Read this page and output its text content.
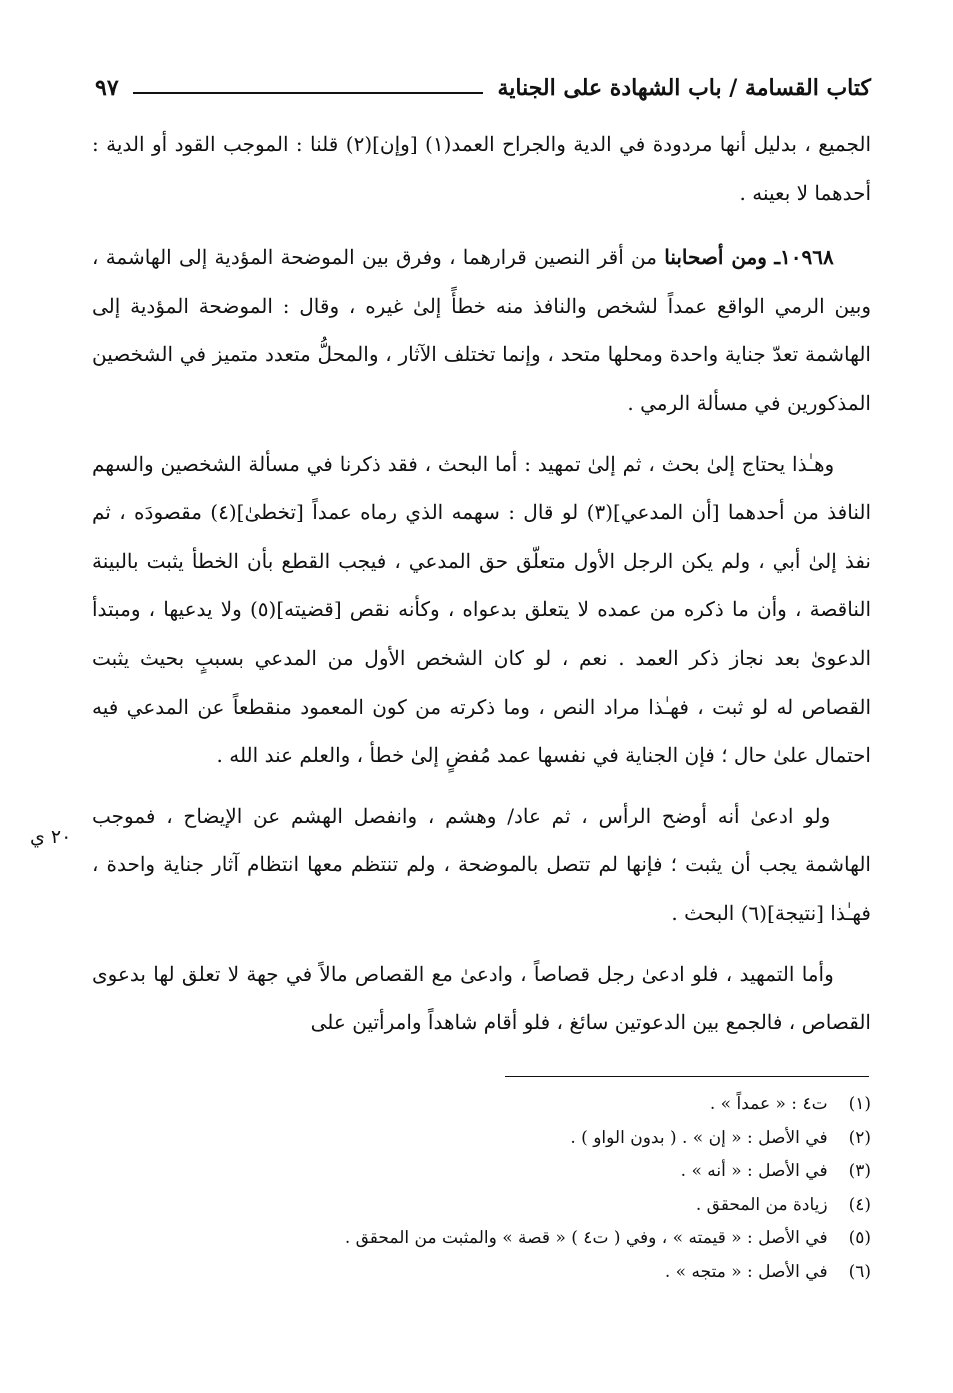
٩٧	كتاب القسامة / باب الشهادة على الجناية
٢٠ ي

الجميع ، بدليل أنها مردودة في الدية والجراح العمد(١) [وإن](٢) قلنا : الموجب القود أو الدية : أحدهما لا بعينه .

١٠٩٦٨ـ ومن أصحابنا من أقر النصين قرارهما ، وفرق بين الموضحة المؤدية إلى الهاشمة ، وبين الرمي الواقع عمداً لشخص والنافذ منه خطأً إلىٰ غيره ، وقال : الموضحة المؤدية إلى الهاشمة تعدّ جناية واحدة ومحلها متحد ، وإنما تختلف الآثار ، والمحلُّ متعدد متميز في الشخصين المذكورين في مسألة الرمي .

وهـٰذا يحتاج إلىٰ بحث ، ثم إلىٰ تمهيد : أما البحث ، فقد ذكرنا في مسألة الشخصين والسهم النافذ من أحدهما [أن المدعي](٣) لو قال : سهمه الذي رماه عمداً [تخطىٰ](٤) مقصودَه ، ثم نفذ إلىٰ أبي ، ولم يكن الرجل الأول متعلّق حق المدعي ، فيجب القطع بأن الخطأ يثبت بالبينة الناقصة ، وأن ما ذكره من عمده لا يتعلق بدعواه ، وكأنه نقص [قضيته](٥) ولا يدعيها ، ومبتدأ الدعوىٰ بعد نجاز ذكر العمد . نعم ، لو كان الشخص الأول من المدعي بسببٍ بحيث يثبت القصاص له لو ثبت ، فهـٰذا مراد النص ، وما ذكرته من كون المعمود منقطعاً عن المدعي فيه احتمال علىٰ حال ؛ فإن الجناية في نفسها عمد مُفضٍ إلىٰ خطأ ، والعلم عند الله .

ولو ادعىٰ أنه أوضح الرأس ، ثم عاد/ وهشم ، وانفصل الهشم عن الإيضاح ، فموجب الهاشمة يجب أن يثبت ؛ فإنها لم تتصل بالموضحة ، ولم تنتظم معها انتظام آثار جناية واحدة ، فهـٰذا [نتيجة](٦) البحث .

وأما التمهيد ، فلو ادعىٰ رجل قصاصاً ، وادعىٰ مع القصاص مالاً في جهة لا تعلق لها بدعوى القصاص ، فالجمع بين الدعوتين سائغ ، فلو أقام شاهداً وامرأتين على

(١) ت٤ : « عمداً » .
(٢) في الأصل : « إن » . ( بدون الواو ) .
(٣) في الأصل : « أنه » .
(٤) زيادة من المحقق .
(٥) في الأصل : « قيمته » ، وفي ( ت٤ ) « قصة » والمثبت من المحقق .
(٦) في الأصل : « متجه » .
